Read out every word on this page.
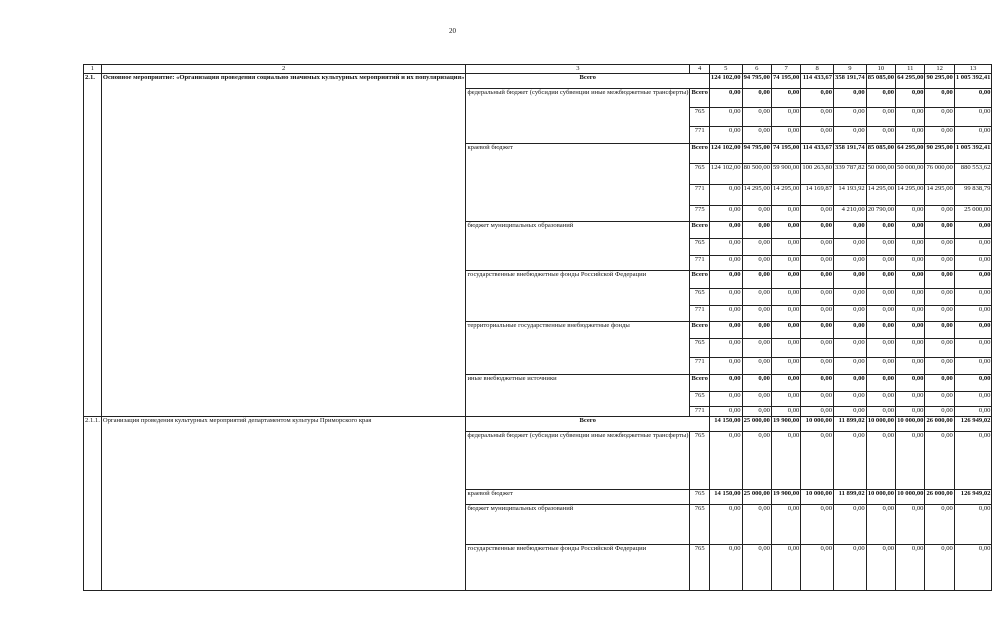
20
1	2	3	4	5	6	7	8	9	10	11	12	13
2.1.	Основное мероприятие: «Организация проведения социально значимых культурных мероприятий и их популяризация»	Всего		124 102,00	94 795,00	74 195,00	114 433,67	358 191,74	85 085,00	64 295,00	90 295,00	1 005 392,41
		федеральный бюджет (субсидии субвенции иные межбюджетные трансферты)	Всего	0,00	0,00	0,00	0,00	0,00	0,00	0,00	0,00	0,00
			765	0,00	0,00	0,00	0,00	0,00	0,00	0,00	0,00	0,00
			771	0,00	0,00	0,00	0,00	0,00	0,00	0,00	0,00	0,00
		краевой бюджет	Всего	124 102,00	94 795,00	74 195,00	114 433,67	358 191,74	85 085,00	64 295,00	90 295,00	1 005 392,41
			765	124 102,00	80 500,00	59 900,00	100 263,80	339 787,82	50 000,00	50 000,00	76 000,00	880 553,62
			771	0,00	14 295,00	14 295,00	14 169,87	14 193,92	14 295,00	14 295,00	14 295,00	99 838,79
			775	0,00	0,00	0,00	0,00	4 210,00	20 790,00	0,00	0,00	25 000,00
		бюджет муниципальных образований	Всего	0,00	0,00	0,00	0,00	0,00	0,00	0,00	0,00	0,00
			765	0,00	0,00	0,00	0,00	0,00	0,00	0,00	0,00	0,00
			771	0,00	0,00	0,00	0,00	0,00	0,00	0,00	0,00	0,00
		государственные внебюджетные фонды Российской Федерации	Всего	0,00	0,00	0,00	0,00	0,00	0,00	0,00	0,00	0,00
			765	0,00	0,00	0,00	0,00	0,00	0,00	0,00	0,00	0,00
			771	0,00	0,00	0,00	0,00	0,00	0,00	0,00	0,00	0,00
		территориальные государственные внебюджетные фонды	Всего	0,00	0,00	0,00	0,00	0,00	0,00	0,00	0,00	0,00
			765	0,00	0,00	0,00	0,00	0,00	0,00	0,00	0,00	0,00
			771	0,00	0,00	0,00	0,00	0,00	0,00	0,00	0,00	0,00
		иные внебюджетные источники	Всего	0,00	0,00	0,00	0,00	0,00	0,00	0,00	0,00	0,00
			765	0,00	0,00	0,00	0,00	0,00	0,00	0,00	0,00	0,00
			771	0,00	0,00	0,00	0,00	0,00	0,00	0,00	0,00	0,00
2.1.1.	Организация проведения культурных мероприятий департаментом культуры Приморского края	Всего		14 150,00	25 000,00	19 900,00	10 000,00	11 899,02	10 000,00	10 000,00	26 000,00	126 949,02
		федеральный бюджет (субсидии субвенции иные межбюджетные трансферты)	765	0,00	0,00	0,00	0,00	0,00	0,00	0,00	0,00	0,00
		краевой бюджет	765	14 150,00	25 000,00	19 900,00	10 000,00	11 899,02	10 000,00	10 000,00	26 000,00	126 949,02
		бюджет муниципальных образований	765	0,00	0,00	0,00	0,00	0,00	0,00	0,00	0,00	0,00
		государственные внебюджетные фонды Российской Федерации	765	0,00	0,00	0,00	0,00	0,00	0,00	0,00	0,00	0,00
